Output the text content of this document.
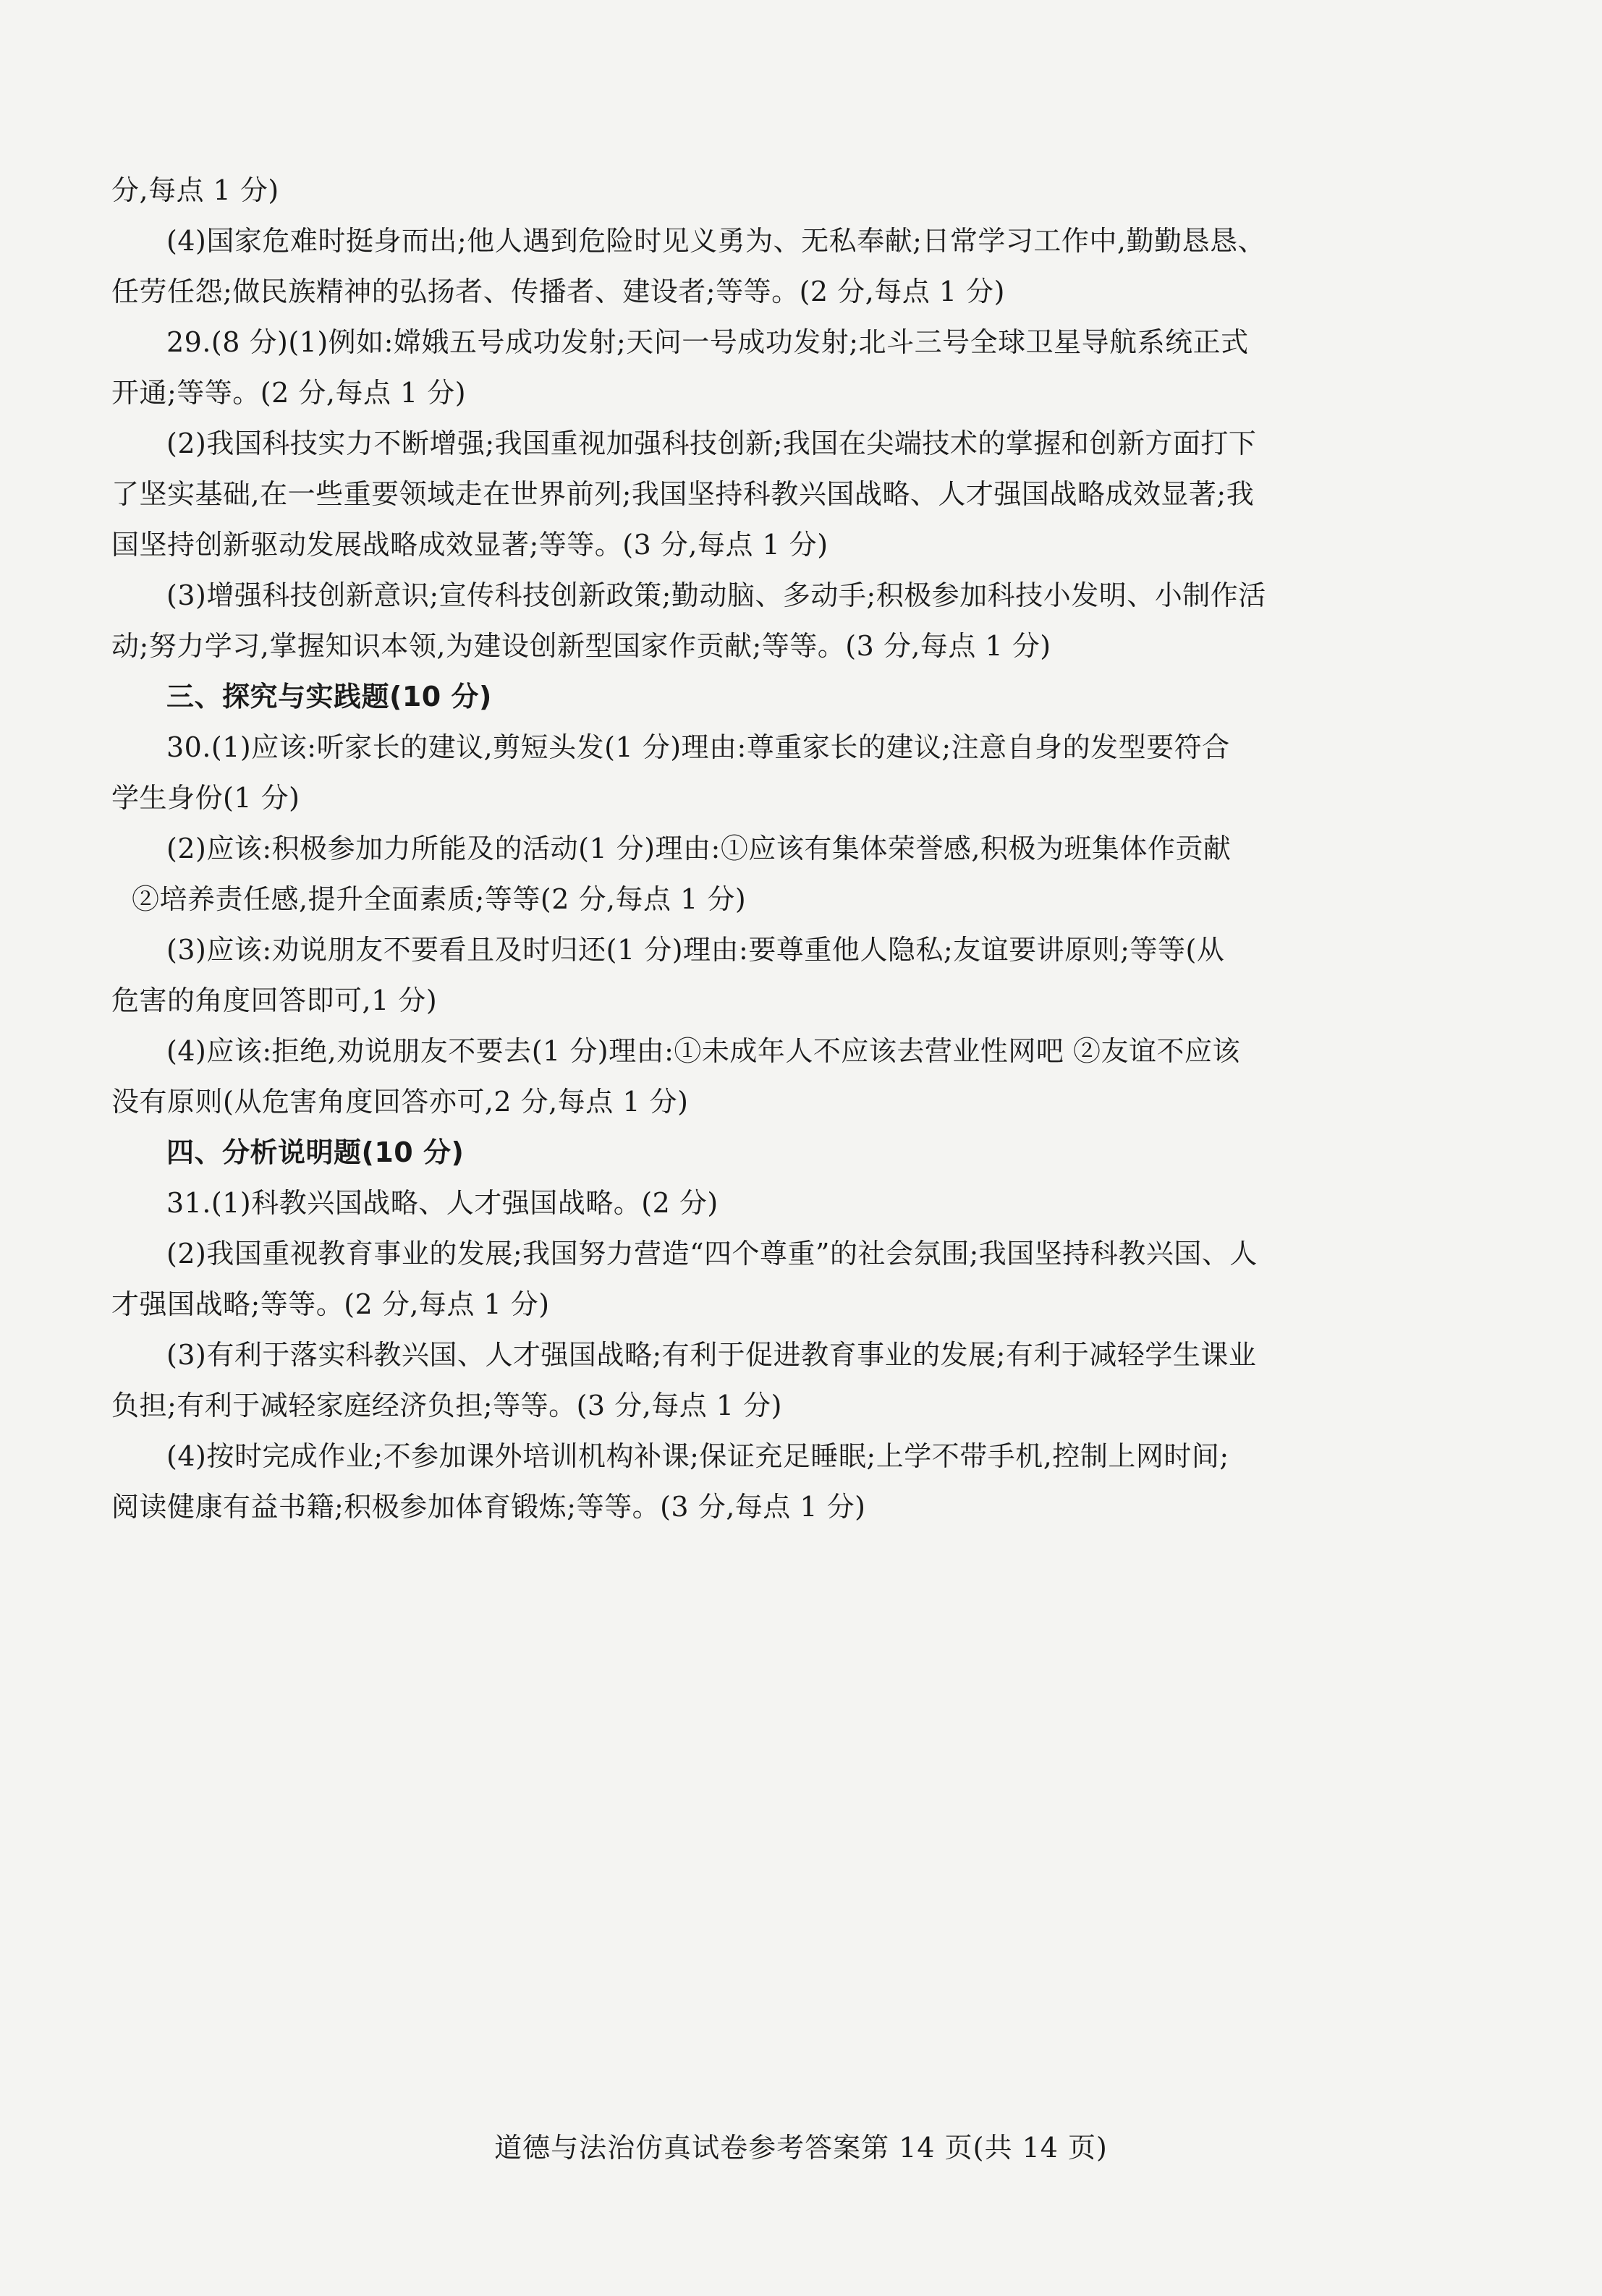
分,每点 1 分)
(4)国家危难时挺身而出;他人遇到危险时见义勇为、无私奉献;日常学习工作中,勤勤恳恳、
任劳任怨;做民族精神的弘扬者、传播者、建设者;等等。(2 分,每点 1 分)
29.(8 分)(1)例如:嫦娥五号成功发射;天问一号成功发射;北斗三号全球卫星导航系统正式
开通;等等。(2 分,每点 1 分)
(2)我国科技实力不断增强;我国重视加强科技创新;我国在尖端技术的掌握和创新方面打下
了坚实基础,在一些重要领域走在世界前列;我国坚持科教兴国战略、人才强国战略成效显著;我
国坚持创新驱动发展战略成效显著;等等。(3 分,每点 1 分)
(3)增强科技创新意识;宣传科技创新政策;勤动脑、多动手;积极参加科技小发明、小制作活
动;努力学习,掌握知识本领,为建设创新型国家作贡献;等等。(3 分,每点 1 分)
三、探究与实践题(10 分)
30.(1)应该:听家长的建议,剪短头发(1 分)理由:尊重家长的建议;注意自身的发型要符合
学生身份(1 分)
(2)应该:积极参加力所能及的活动(1 分)理由:①应该有集体荣誉感,积极为班集体作贡献
②培养责任感,提升全面素质;等等(2 分,每点 1 分)
(3)应该:劝说朋友不要看且及时归还(1 分)理由:要尊重他人隐私;友谊要讲原则;等等(从
危害的角度回答即可,1 分)
(4)应该:拒绝,劝说朋友不要去(1 分)理由:①未成年人不应该去营业性网吧 ②友谊不应该
没有原则(从危害角度回答亦可,2 分,每点 1 分)
四、分析说明题(10 分)
31.(1)科教兴国战略、人才强国战略。(2 分)
(2)我国重视教育事业的发展;我国努力营造“四个尊重”的社会氛围;我国坚持科教兴国、人
才强国战略;等等。(2 分,每点 1 分)
(3)有利于落实科教兴国、人才强国战略;有利于促进教育事业的发展;有利于减轻学生课业
负担;有利于减轻家庭经济负担;等等。(3 分,每点 1 分)
(4)按时完成作业;不参加课外培训机构补课;保证充足睡眠;上学不带手机,控制上网时间;
阅读健康有益书籍;积极参加体育锻炼;等等。(3 分,每点 1 分)
道德与法治仿真试卷参考答案第 14 页(共 14 页)
